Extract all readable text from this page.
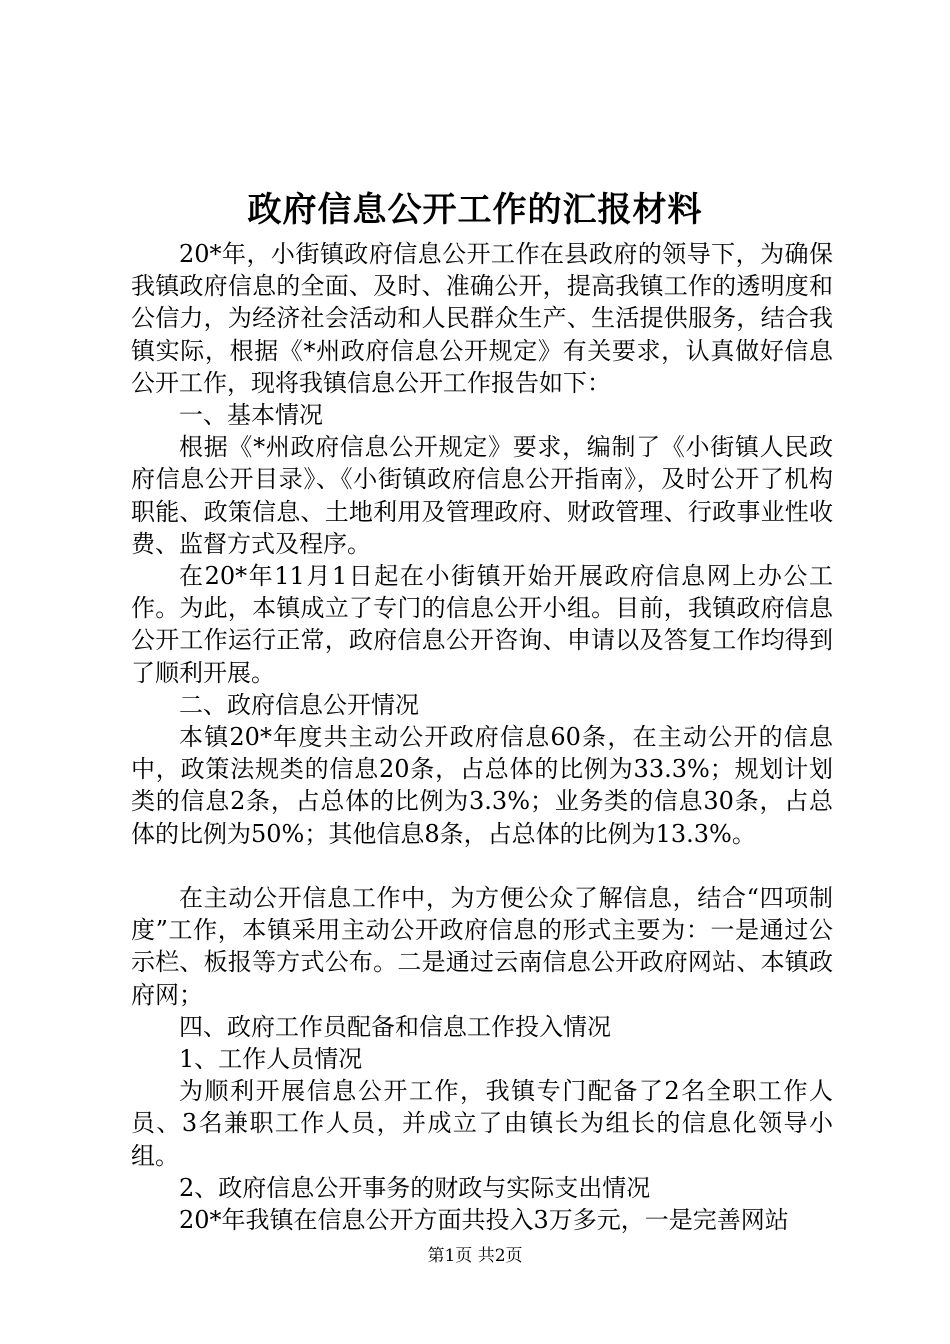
政府信息公开工作的汇报材料

20*年，小街镇政府信息公开工作在县政府的领导下，为确保我镇政府信息的全面、及时、准确公开，提高我镇工作的透明度和公信力，为经济社会活动和人民群众生产、生活提供服务，结合我镇实际，根据《*州政府信息公开规定》有关要求，认真做好信息公开工作，现将我镇信息公开工作报告如下：

一、基本情况

根据《*州政府信息公开规定》要求，编制了《小街镇人民政府信息公开目录》、《小街镇政府信息公开指南》，及时公开了机构职能、政策信息、土地利用及管理政府、财政管理、行政事业性收费、监督方式及程序。

在20*年11月1日起在小街镇开始开展政府信息网上办公工作。为此，本镇成立了专门的信息公开小组。目前，我镇政府信息公开工作运行正常，政府信息公开咨询、申请以及答复工作均得到了顺利开展。

二、政府信息公开情况

本镇20*年度共主动公开政府信息60条，在主动公开的信息中，政策法规类的信息20条，占总体的比例为33.3%；规划计划类的信息2条，占总体的比例为3.3%；业务类的信息30条，占总体的比例为50%；其他信息8条，占总体的比例为13.3%。

在主动公开信息工作中，为方便公众了解信息，结合“四项制度”工作，本镇采用主动公开政府信息的形式主要为：一是通过公示栏、板报等方式公布。二是通过云南信息公开政府网站、本镇政府网；

四、政府工作员配备和信息工作投入情况

1、工作人员情况

为顺利开展信息公开工作，我镇专门配备了2名全职工作人员、3名兼职工作人员，并成立了由镇长为组长的信息化领导小组。

2、政府信息公开事务的财政与实际支出情况

20*年我镇在信息公开方面共投入3万多元，一是完善网站

第1页 共2页
